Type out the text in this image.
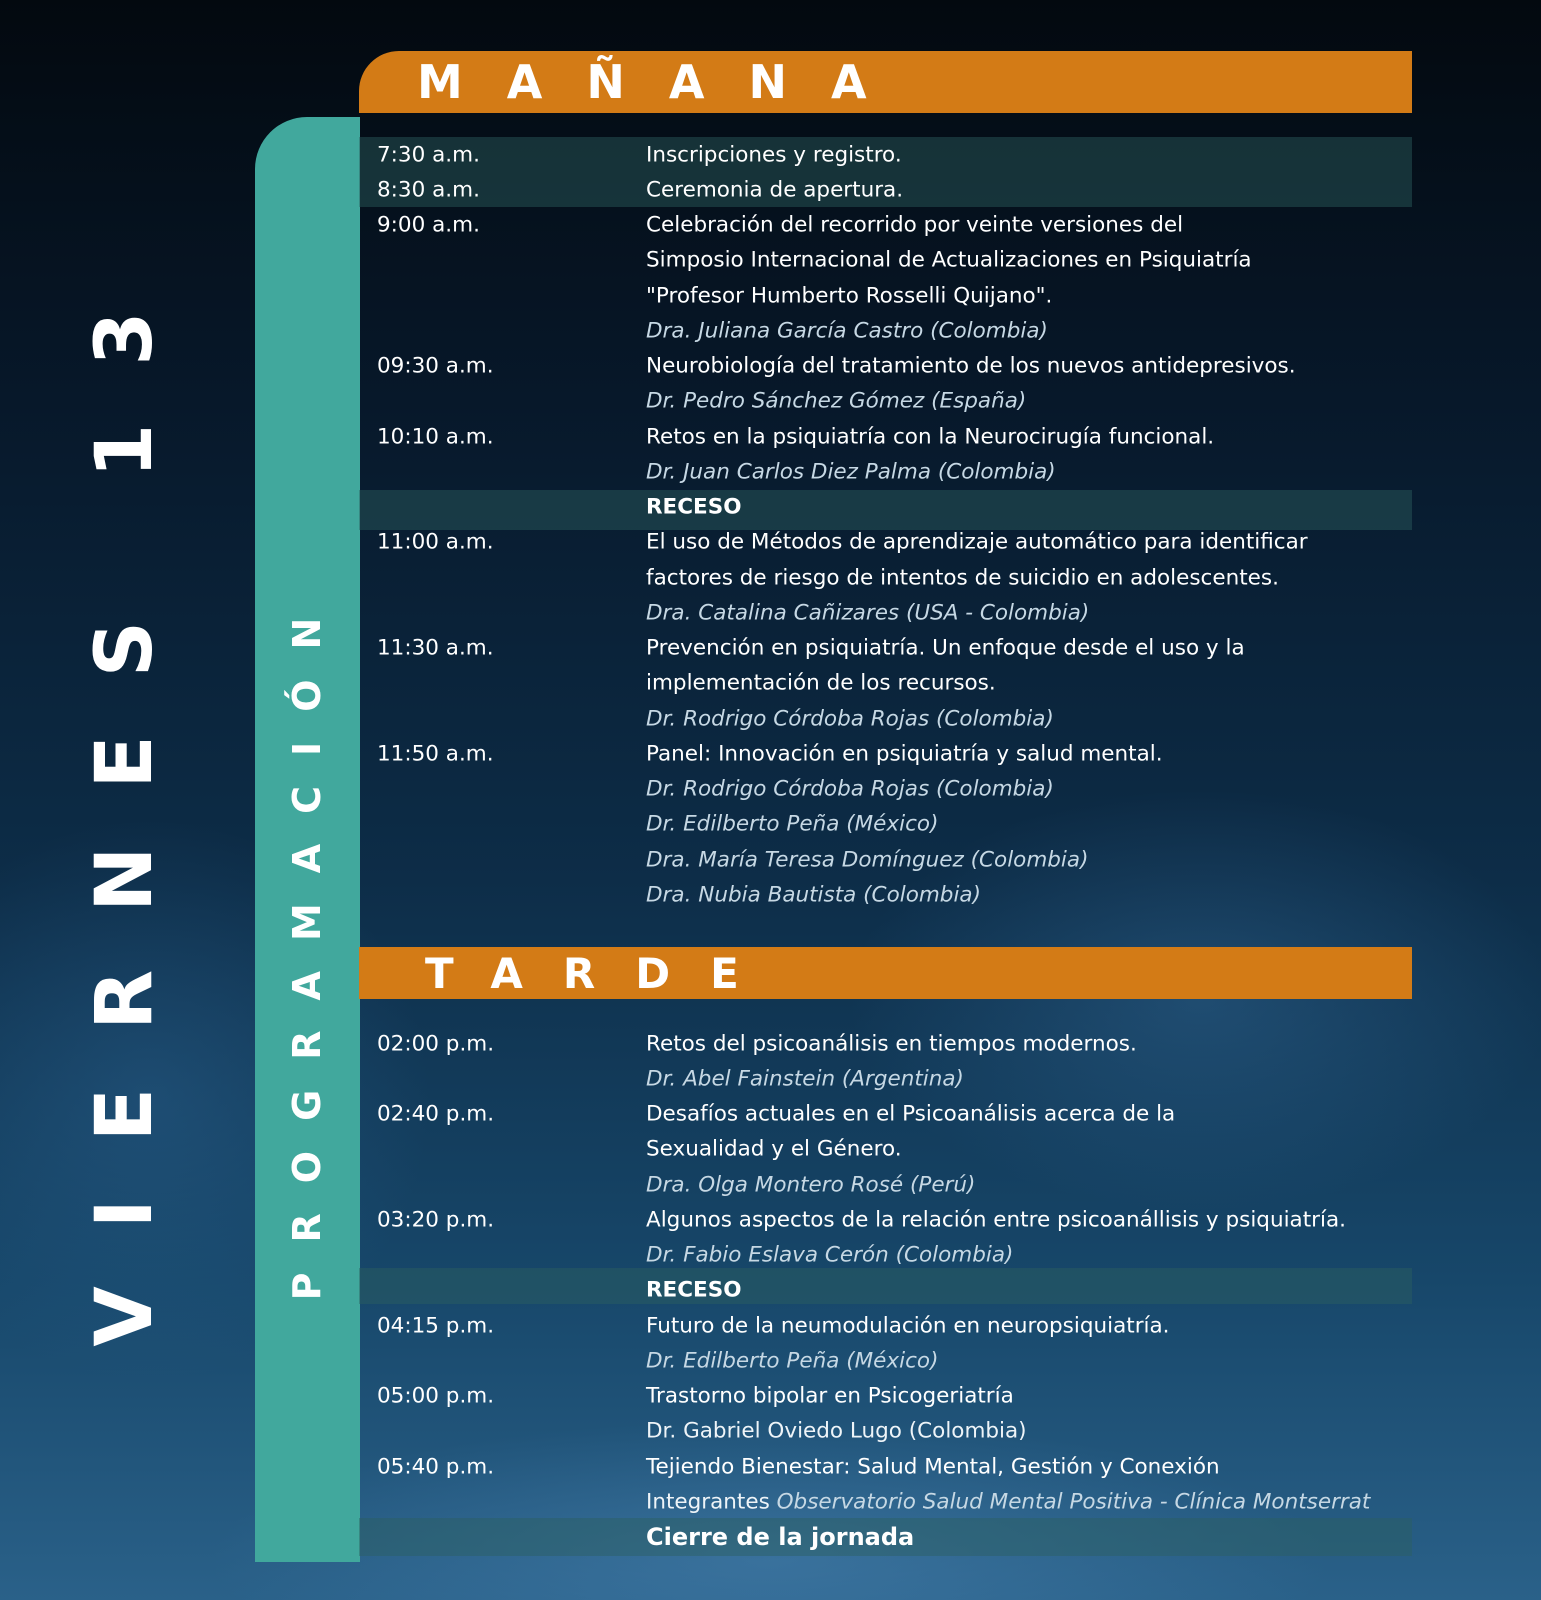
VIERNES 13	PROGRAMACIÓN
MAÑANA
7:30 a.m.	Inscripciones y registro.
8:30 a.m.	Ceremonia de apertura.
9:00 a.m.	Celebración del recorrido por veinte versiones del
Simposio Internacional de Actualizaciones en Psiquiatría
"Profesor Humberto Rosselli Quijano".
Dra. Juliana García Castro (Colombia)
09:30 a.m.	Neurobiología del tratamiento de los nuevos antidepresivos.
Dr. Pedro Sánchez Gómez (España)
10:10 a.m.	Retos en la psiquiatría con la Neurocirugía funcional.
Dr. Juan Carlos Diez Palma (Colombia)
RECESO
11:00 a.m.	El uso de Métodos de aprendizaje automático para identificar
factores de riesgo de intentos de suicidio en adolescentes.
Dra. Catalina Cañizares (USA - Colombia)
11:30 a.m.	Prevención en psiquiatría. Un enfoque desde el uso y la
implementación de los recursos.
Dr. Rodrigo Córdoba Rojas (Colombia)
11:50 a.m.	Panel: Innovación en psiquiatría y salud mental.
Dr. Rodrigo Córdoba Rojas (Colombia)
Dr. Edilberto Peña (México)
Dra. María Teresa Domínguez (Colombia)
Dra. Nubia Bautista (Colombia)
TARDE
02:00 p.m.	Retos del psicoanálisis en tiempos modernos.
Dr. Abel Fainstein (Argentina)
02:40 p.m.	Desafíos actuales en el Psicoanálisis acerca de la
Sexualidad y el Género.
Dra. Olga Montero Rosé (Perú)
03:20 p.m.	Algunos aspectos de la relación entre psicoanállisis y psiquiatría.
Dr. Fabio Eslava Cerón (Colombia)
RECESO
04:15 p.m.	Futuro de la neumodulación en neuropsiquiatría.
Dr. Edilberto Peña (México)
05:00 p.m.	Trastorno bipolar en Psicogeriatría
Dr. Gabriel Oviedo Lugo (Colombia)
05:40 p.m.	Tejiendo Bienestar: Salud Mental, Gestión y Conexión
Integrantes Observatorio Salud Mental Positiva - Clínica Montserrat
Cierre de la jornada
